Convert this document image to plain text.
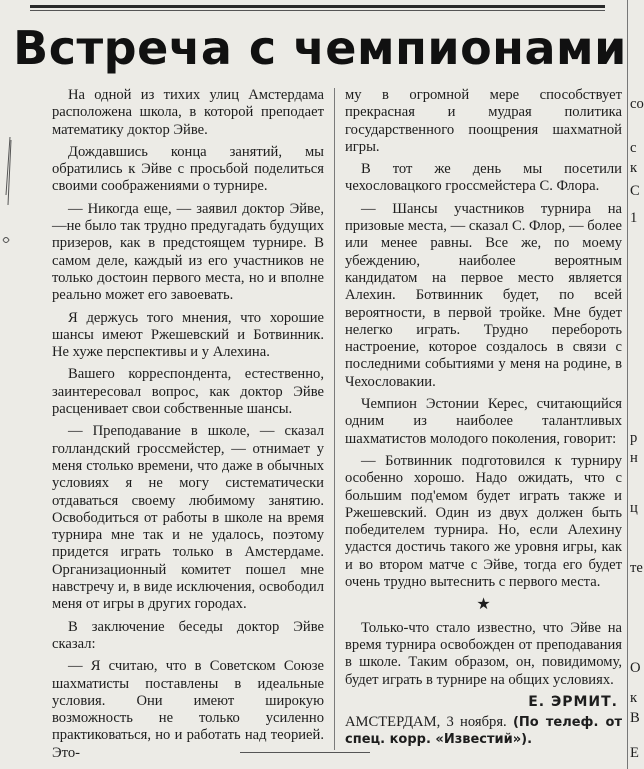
Встреча с чемпионами

На одной из тихих улиц Амстердама расположена школа, в которой преподает математику доктор Эйве.

Дождавшись конца занятий, мы обратились к Эйве с просьбой поделиться своими соображениями о турнире.

— Никогда еще, — заявил доктор Эйве, —не было так трудно предугадать будущих призеров, как в предстоящем турнире. В самом деле, каждый из его участников не только достоин первого места, но и вполне реально может его завоевать.

Я держусь того мнения, что хорошие шансы имеют Ржешевский и Ботвинник. Не хуже перспективы и у Алехина.

Вашего корреспондента, естественно, заинтересовал вопрос, как доктор Эйве расценивает свои собственные шансы.

— Преподавание в школе, — сказал голландский гроссмейстер, — отнимает у меня столько времени, что даже в обычных условиях я не могу систематически отдаваться своему любимому занятию. Освободиться от работы в школе на время турнира мне так и не удалось, поэтому придется играть только в Амстердаме. Организационный комитет пошел мне навстречу и, в виде исключения, освободил меня от игры в других городах.

В заключение беседы доктор Эйве сказал:

— Я считаю, что в Советском Союзе шахматисты поставлены в идеальные условия. Они имеют широкую возможность не только усиленно практиковаться, но и работать над теорией. Это-

му в огромной мере способствует прекрасная и мудрая политика государственного поощрения шахматной игры.

В тот же день мы посетили чехословацкого гроссмейстера С. Флора.

— Шансы участников турнира на призовые места, — сказал С. Флор, — более или менее равны. Все же, по моему убеждению, наиболее вероятным кандидатом на первое место является Алехин. Ботвинник будет, по всей вероятности, в первой тройке. Мне будет нелегко играть. Трудно перебороть настроение, которое создалось в связи с последними событиями у меня на родине, в Чехословакии.

Чемпион Эстонии Керес, считающийся одним из наиболее талантливых шахматистов молодого поколения, говорит:

— Ботвинник подготовился к турниру особенно хорошо. Надо ожидать, что с большим под'емом будет играть также и Ржешевский. Один из двух должен быть победителем турнира. Но, если Алехину удастся достичь такого же уровня игры, как и во втором матче с Эйве, тогда его будет очень трудно вытеснить с первого места.

★

Только-что стало известно, что Эйве на время турнира освобожден от преподавания в школе. Таким образом, он, повидимому, будет играть в турнире на общих условиях.

Е. ЭРМИТ.

АМСТЕРДАМ, 3 ноября. (По телеф. от спец. корр. «Известий»).

со
с
к
С
1
р
н
ц
те
О
к
В
Е
